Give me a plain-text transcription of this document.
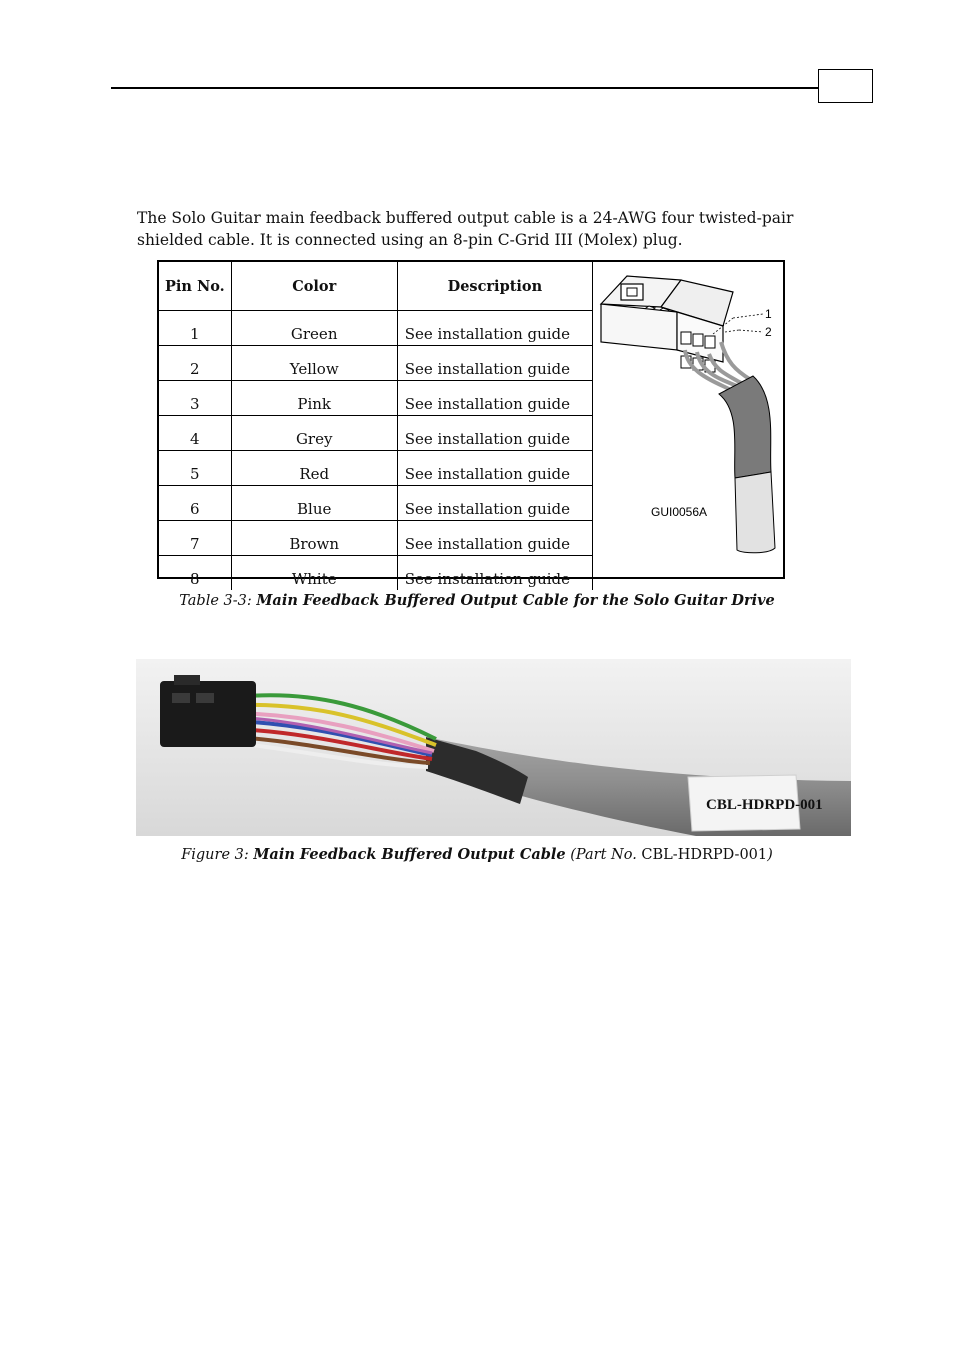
The Solo Guitar main feedback buffered output cable is a 24-AWG four twisted-pair shielded cable. It is connected using an 8-pin C-Grid III (Molex) plug.

Pin No.	Color	Description
1	Green	See installation guide
2	Yellow	See installation guide
3	Pink	See installation guide
4	Grey	See installation guide
5	Red	See installation guide
6	Blue	See installation guide
7	Brown	See installation guide
8	White	See installation guide
1
2
GUI0056A
Table 3-3: Main Feedback Buffered Output Cable for the Solo Guitar Drive
CBL-HDRPD-001
Figure 3: Main Feedback Buffered Output Cable (Part No. CBL-HDRPD-001)
